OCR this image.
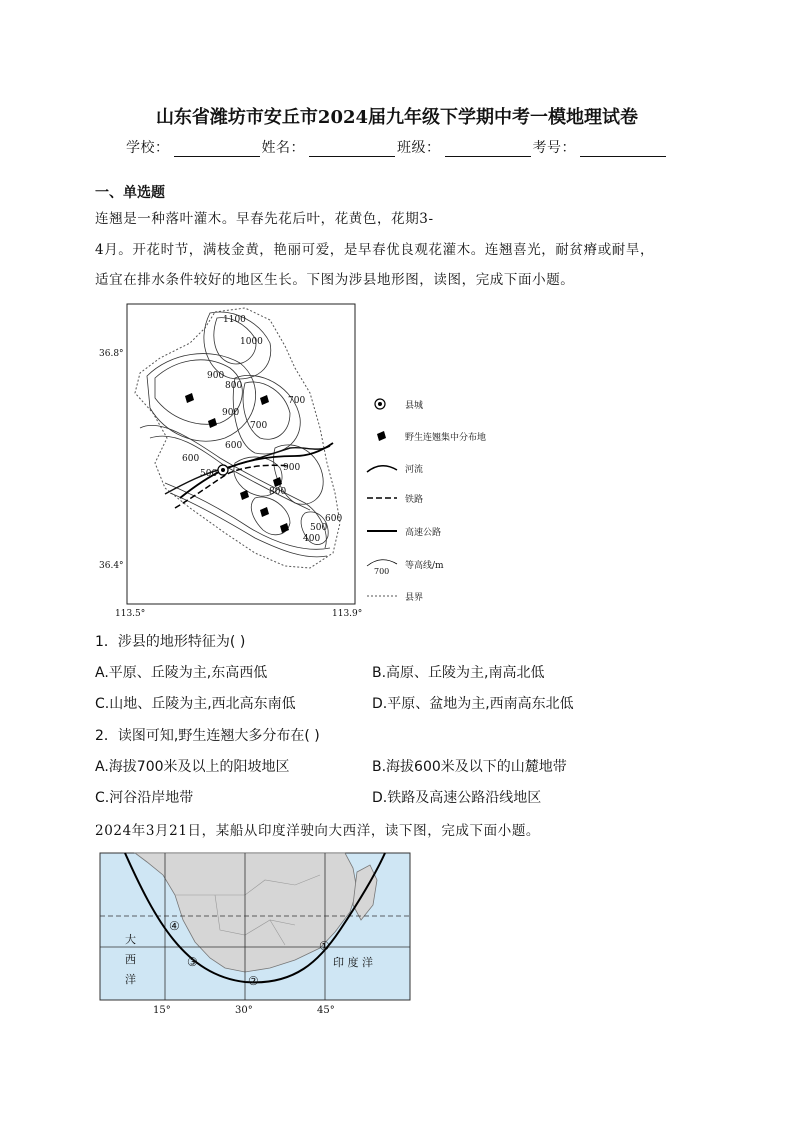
山东省潍坊市安丘市2024届九年级下学期中考一模地理试卷
学校：	姓名：	班级：	考号：
一、单选题
连翘是一种落叶灌木。早春先花后叶，花黄色，花期3-
4月。开花时节，满枝金黄，艳丽可爱，是早春优良观花灌木。连翘喜光，耐贫瘠或耐旱，
适宜在排水条件较好的地区生长。下图为涉县地形图，读图，完成下面小题。
1100
1000
900
800
900
700
700
600
500
600
900
800
600
400
500
36.8°
36.4°
113.5°	113.9°
县城
野生连翘集中分布地
河流
铁路
高速公路
700
等高线/m
县界
1．涉县的地形特征为( )
A.平原、丘陵为主,东高西低	B.高原、丘陵为主,南高北低
C.山地、丘陵为主,西北高东南低	D.平原、盆地为主,西南高东北低
2．读图可知,野生连翘大多分布在( )
A.海拔700米及以上的阳坡地区	B.海拔600米及以下的山麓地带
C.河谷沿岸地带	D.铁路及高速公路沿线地区
2024年3月21日，某船从印度洋驶向大西洋，读下图，完成下面小题。
大
西
洋
印 度 洋
①
②
③
④
15°	30°	45°
